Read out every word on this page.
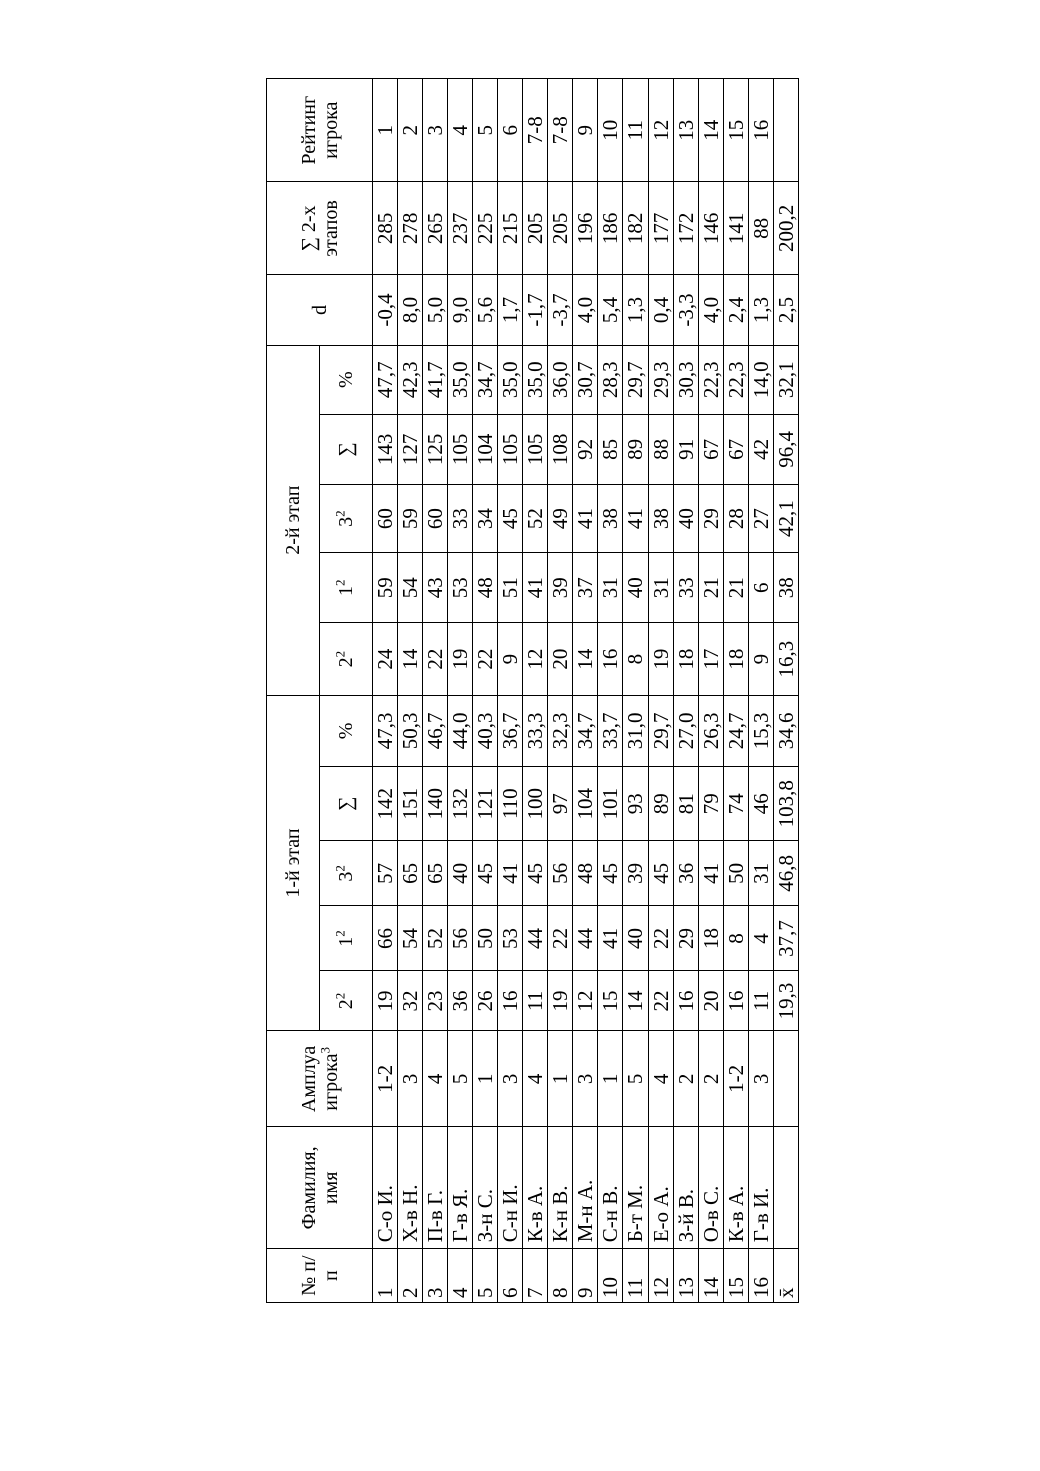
№ п/п	Фамилия, имя	Амплуа игрока$^3$	1-й этап					2-й этап					d	∑ 2-х этапов	Рейтинг игрока
			$2^2$	$1^2$	$3^2$	∑	%	$2^2$	$1^2$	$3^2$	∑	%			
1	С-о И.	1-2	19	66	57	142	47,3	24	59	60	143	47,7	-0,4	285	1
2	Х-в Н.	3	32	54	65	151	50,3	14	54	59	127	42,3	8,0	278	2
3	П-в Г.	4	23	52	65	140	46,7	22	43	60	125	41,7	5,0	265	3
4	Г-в Я.	5	36	56	40	132	44,0	19	53	33	105	35,0	9,0	237	4
5	З-н С.	1	26	50	45	121	40,3	22	48	34	104	34,7	5,6	225	5
6	С-н И.	3	16	53	41	110	36,7	9	51	45	105	35,0	1,7	215	6
7	К-в А.	4	11	44	45	100	33,3	12	41	52	105	35,0	-1,7	205	7-8
8	К-н В.	1	19	22	56	97	32,3	20	39	49	108	36,0	-3,7	205	7-8
9	М-н А.	3	12	44	48	104	34,7	14	37	41	92	30,7	4,0	196	9
10	С-н В.	1	15	41	45	101	33,7	16	31	38	85	28,3	5,4	186	10
11	Б-т М.	5	14	40	39	93	31,0	8	40	41	89	29,7	1,3	182	11
12	Е-о А.	4	22	22	45	89	29,7	19	31	38	88	29,3	0,4	177	12
13	З-й В.	2	16	29	36	81	27,0	18	33	40	91	30,3	-3,3	172	13
14	О-в С.	2	20	18	41	79	26,3	17	21	29	67	22,3	4,0	146	14
15	К-в А.	1-2	16	8	50	74	24,7	18	21	28	67	22,3	2,4	141	15
16	Г-в И.	3	11	4	31	46	15,3	9	6	27	42	14,0	1,3	88	16
x̄			19,3	37,7	46,8	103,8	34,6	16,3	38	42,1	96,4	32,1	2,5	200,2	
